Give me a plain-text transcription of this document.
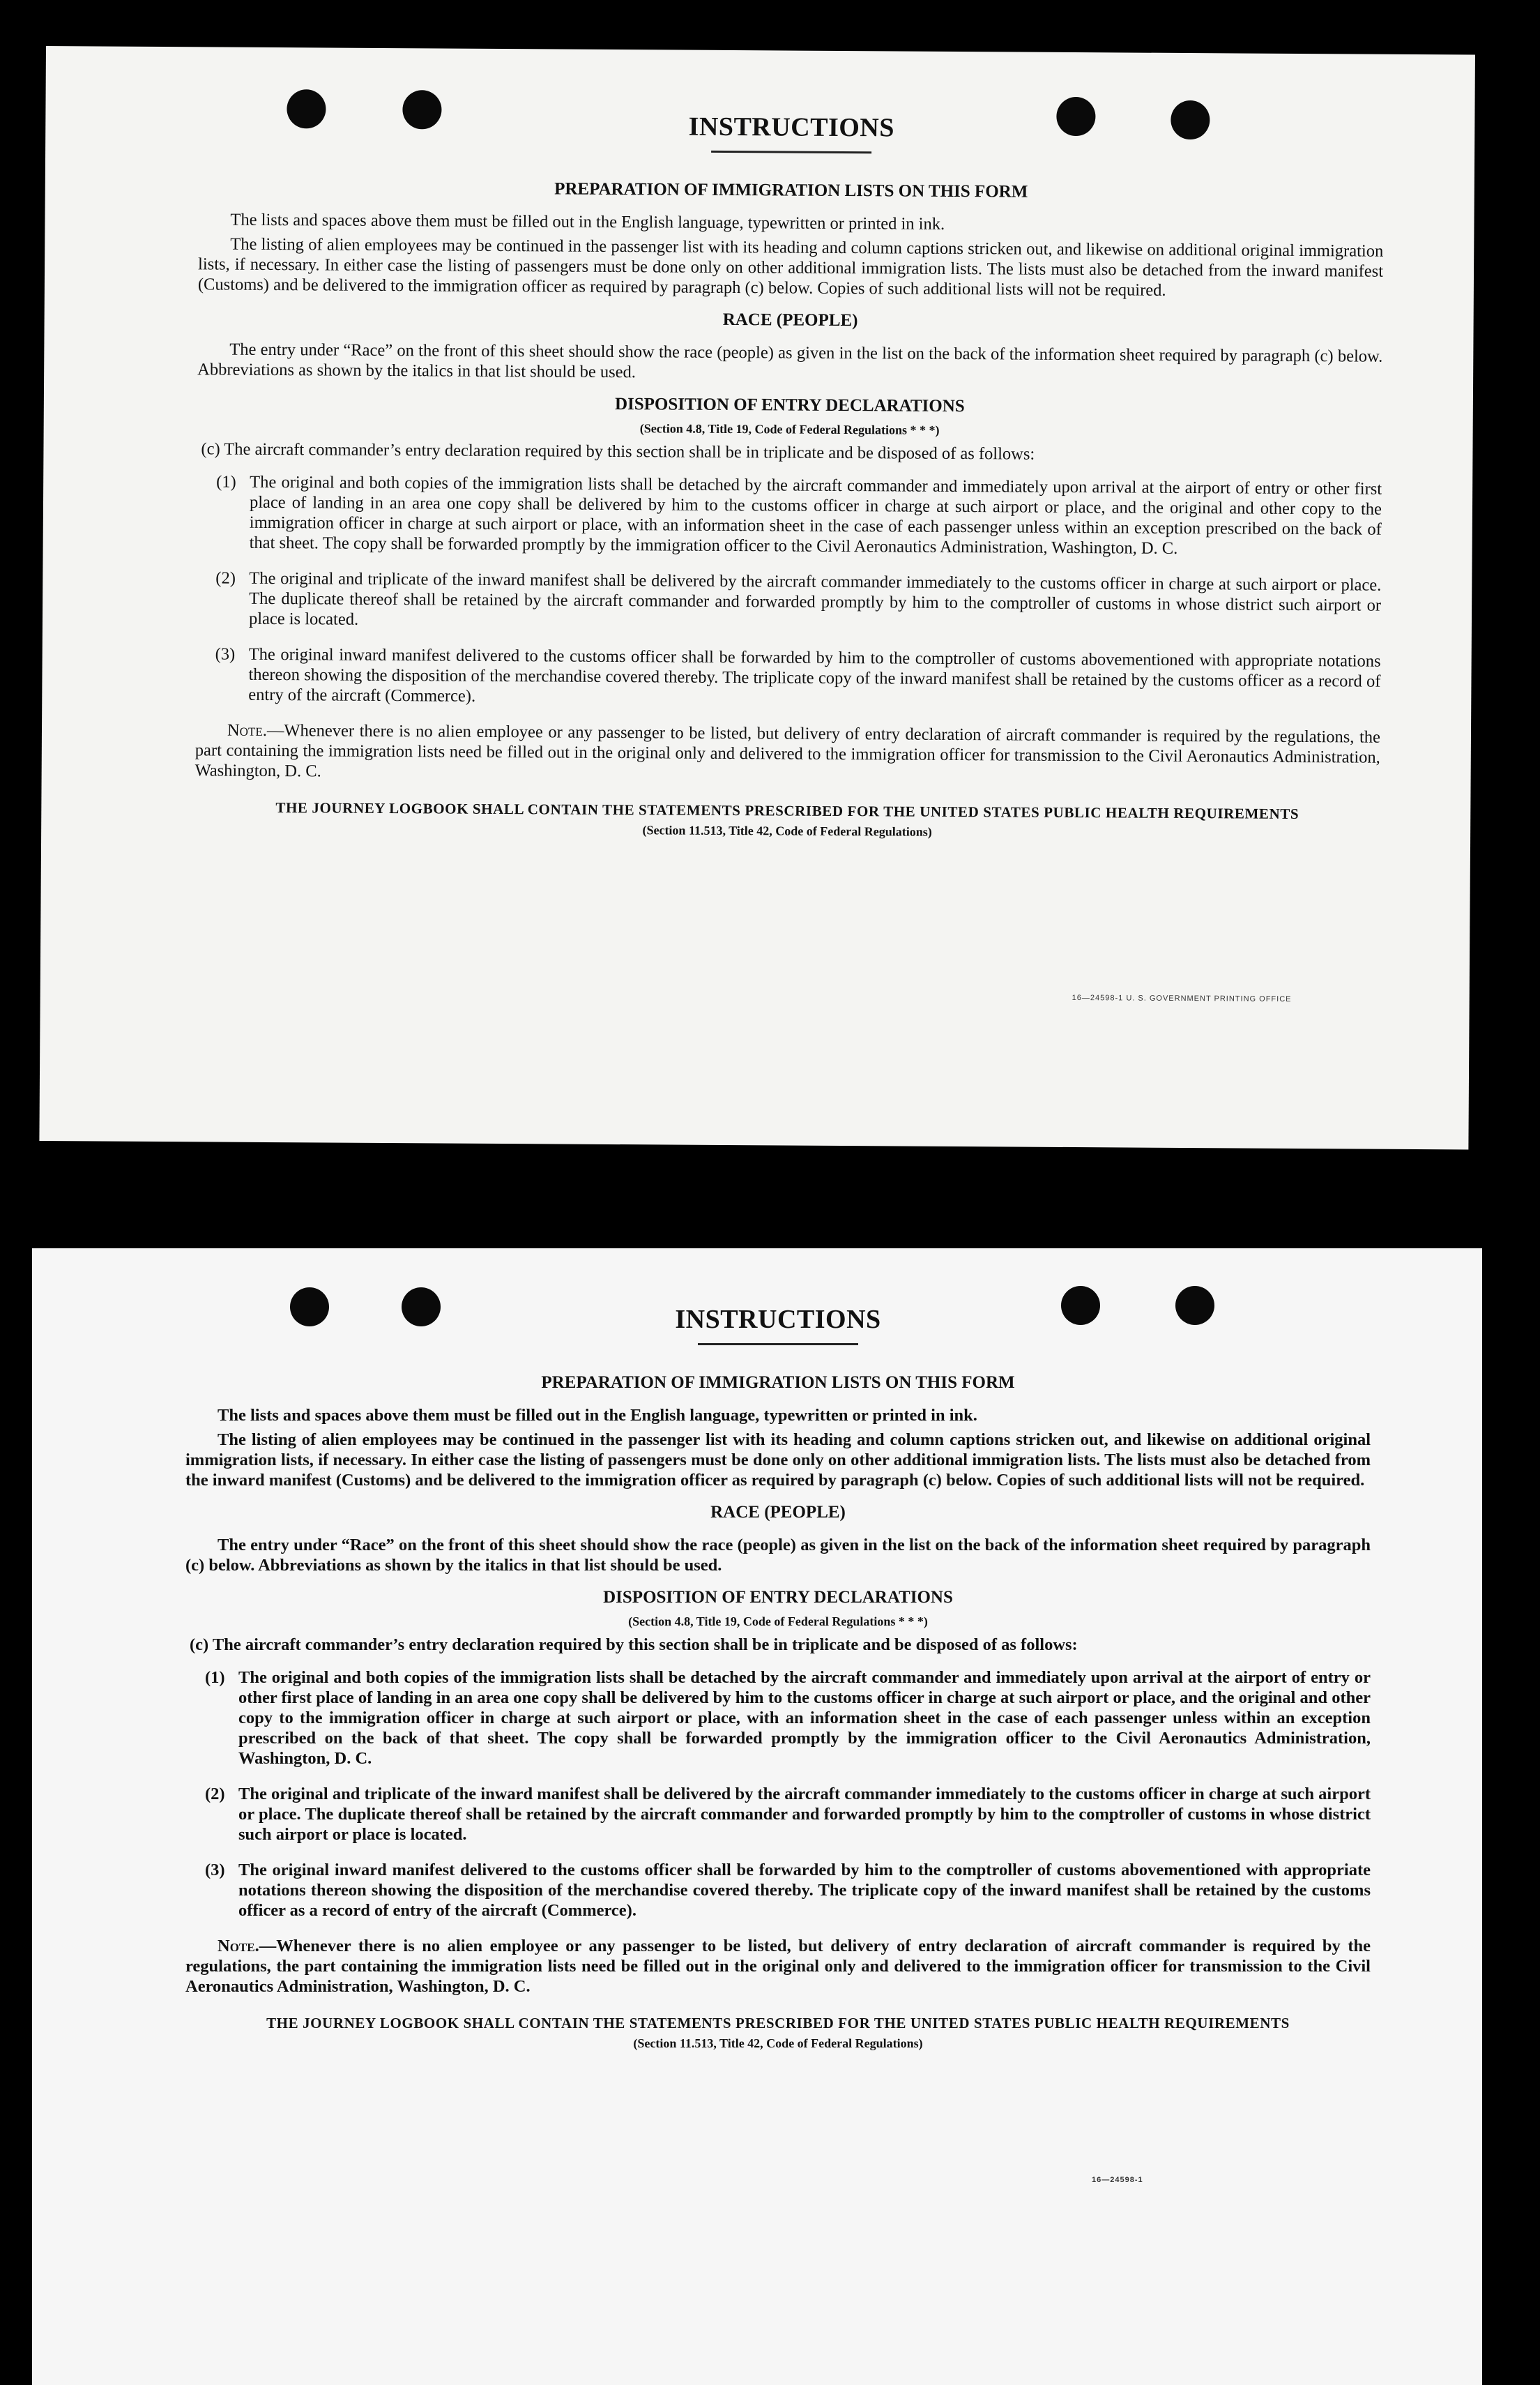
INSTRUCTIONS
PREPARATION OF IMMIGRATION LISTS ON THIS FORM

The lists and spaces above them must be filled out in the English language, typewritten or printed in ink.

The listing of alien employees may be continued in the passenger list with its heading and column captions stricken out, and likewise on additional original immigration lists, if necessary. In either case the listing of passengers must be done only on other additional immigration lists. The lists must also be detached from the inward manifest (Customs) and be delivered to the immigration officer as required by paragraph (c) below. Copies of such additional lists will not be required.

RACE (PEOPLE)

The entry under “Race” on the front of this sheet should show the race (people) as given in the list on the back of the information sheet required by paragraph (c) below. Abbreviations as shown by the italics in that list should be used.

DISPOSITION OF ENTRY DECLARATIONS
(Section 4.8, Title 19, Code of Federal Regulations * * *)

(c) The aircraft commander’s entry declaration required by this section shall be in triplicate and be disposed of as follows:

(1) The original and both copies of the immigration lists shall be detached by the aircraft commander and immediately upon arrival at the airport of entry or other first place of landing in an area one copy shall be delivered by him to the customs officer in charge at such airport or place, and the original and other copy to the immigration officer in charge at such airport or place, with an information sheet in the case of each passenger unless within an exception prescribed on the back of that sheet. The copy shall be forwarded promptly by the immigration officer to the Civil Aeronautics Administration, Washington, D. C.
(2) The original and triplicate of the inward manifest shall be delivered by the aircraft commander immediately to the customs officer in charge at such airport or place. The duplicate thereof shall be retained by the aircraft commander and forwarded promptly by him to the comptroller of customs in whose district such airport or place is located.
(3) The original inward manifest delivered to the customs officer shall be forwarded by him to the comptroller of customs abovementioned with appropriate notations thereon showing the disposition of the merchandise covered thereby. The triplicate copy of the inward manifest shall be retained by the customs officer as a record of entry of the aircraft (Commerce).

Note.—Whenever there is no alien employee or any passenger to be listed, but delivery of entry declaration of aircraft commander is required by the regulations, the part containing the immigration lists need be filled out in the original only and delivered to the immigration officer for transmission to the Civil Aeronautics Administration, Washington, D. C.

THE JOURNEY LOGBOOK SHALL CONTAIN THE STATEMENTS PRESCRIBED FOR THE UNITED STATES PUBLIC HEALTH REQUIREMENTS
(Section 11.513, Title 42, Code of Federal Regulations)
16—24598-1 U. S. GOVERNMENT PRINTING OFFICE
INSTRUCTIONS
PREPARATION OF IMMIGRATION LISTS ON THIS FORM

The lists and spaces above them must be filled out in the English language, typewritten or printed in ink.

The listing of alien employees may be continued in the passenger list with its heading and column captions stricken out, and likewise on additional original immigration lists, if necessary. In either case the listing of passengers must be done only on other additional immigration lists. The lists must also be detached from the inward manifest (Customs) and be delivered to the immigration officer as required by paragraph (c) below. Copies of such additional lists will not be required.

RACE (PEOPLE)

The entry under “Race” on the front of this sheet should show the race (people) as given in the list on the back of the information sheet required by paragraph (c) below. Abbreviations as shown by the italics in that list should be used.

DISPOSITION OF ENTRY DECLARATIONS
(Section 4.8, Title 19, Code of Federal Regulations * * *)

(c) The aircraft commander’s entry declaration required by this section shall be in triplicate and be disposed of as follows:

(1) The original and both copies of the immigration lists shall be detached by the aircraft commander and immediately upon arrival at the airport of entry or other first place of landing in an area one copy shall be delivered by him to the customs officer in charge at such airport or place, and the original and other copy to the immigration officer in charge at such airport or place, with an information sheet in the case of each passenger unless within an exception prescribed on the back of that sheet. The copy shall be forwarded promptly by the immigration officer to the Civil Aeronautics Administration, Washington, D. C.
(2) The original and triplicate of the inward manifest shall be delivered by the aircraft commander immediately to the customs officer in charge at such airport or place. The duplicate thereof shall be retained by the aircraft commander and forwarded promptly by him to the comptroller of customs in whose district such airport or place is located.
(3) The original inward manifest delivered to the customs officer shall be forwarded by him to the comptroller of customs abovementioned with appropriate notations thereon showing the disposition of the merchandise covered thereby. The triplicate copy of the inward manifest shall be retained by the customs officer as a record of entry of the aircraft (Commerce).

Note.—Whenever there is no alien employee or any passenger to be listed, but delivery of entry declaration of aircraft commander is required by the regulations, the part containing the immigration lists need be filled out in the original only and delivered to the immigration officer for transmission to the Civil Aeronautics Administration, Washington, D. C.

THE JOURNEY LOGBOOK SHALL CONTAIN THE STATEMENTS PRESCRIBED FOR THE UNITED STATES PUBLIC HEALTH REQUIREMENTS
(Section 11.513, Title 42, Code of Federal Regulations)
16—24598-1
